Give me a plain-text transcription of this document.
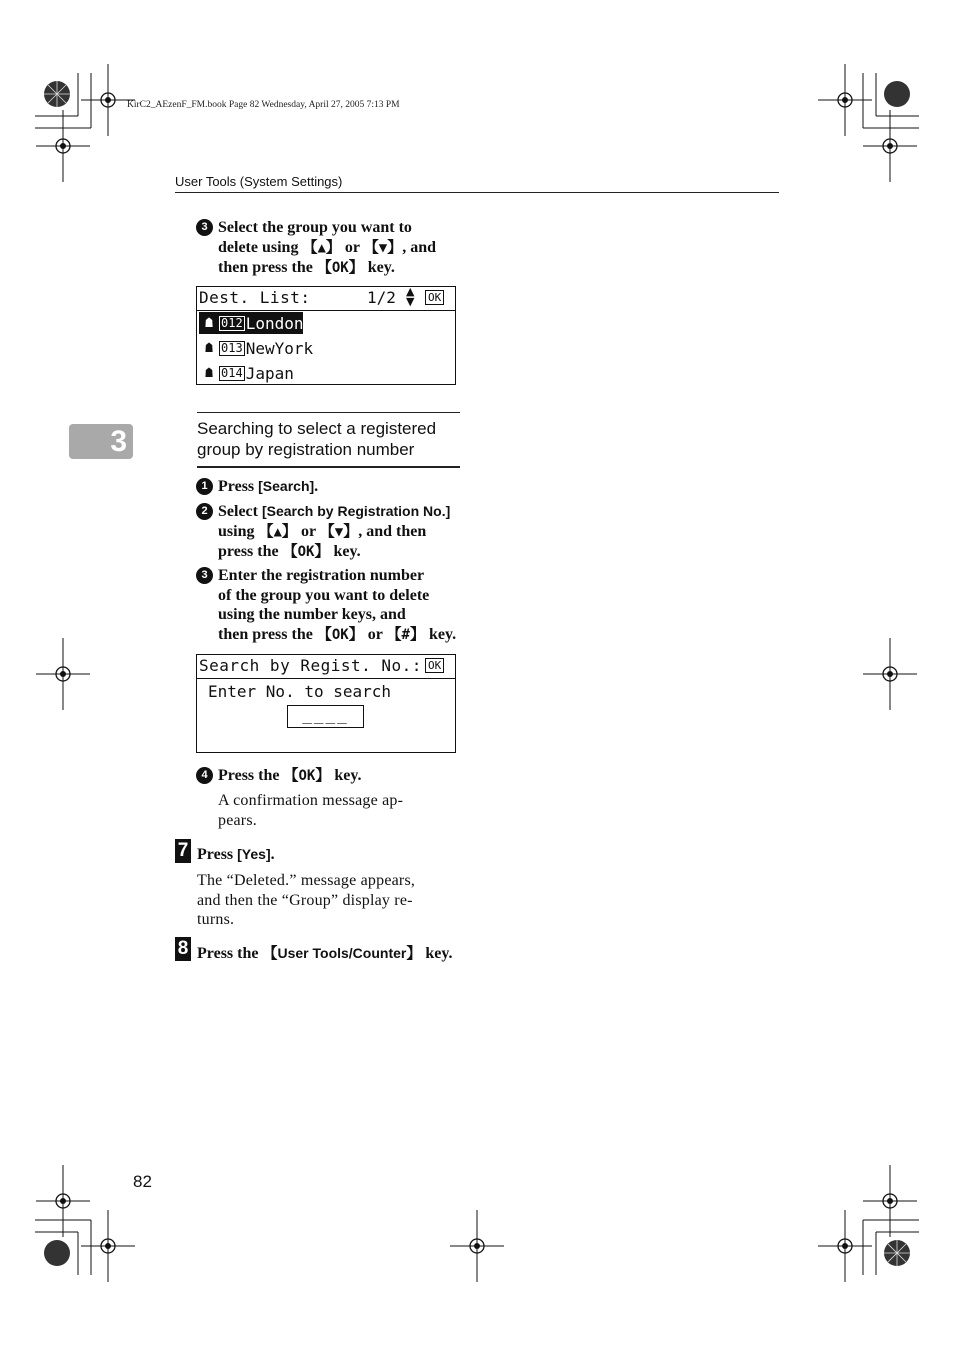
KirC2_AEzenF_FM.book Page 82 Wednesday, April 27, 2005 7:13 PM
User Tools (System Settings)
3
3 Select the group you want to
delete using 【▲】 or 【▼】, and
then press the 【OK】 key.
Dest. List:	1/2 ▲
▼ OK
☗ 012 London
☗ 013 NewYork
☗ 014 Japan
Searching to select a registered
group by registration number
1 Press [Search].
2 Select [Search by Registration No.]
using 【▲】 or 【▼】, and then
press the 【OK】 key.
3 Enter the registration number
of the group you want to delete
using the number keys, and
then press the 【OK】 or 【#】 key.
Search by Regist. No.: OK
Enter No. to search
____
4 Press the 【OK】 key.
A confirmation message ap-
pears.
7 Press [Yes].
The “Deleted.” message appears,
and then the “Group” display re-
turns.
8 Press the 【User Tools/Counter】 key.
82
